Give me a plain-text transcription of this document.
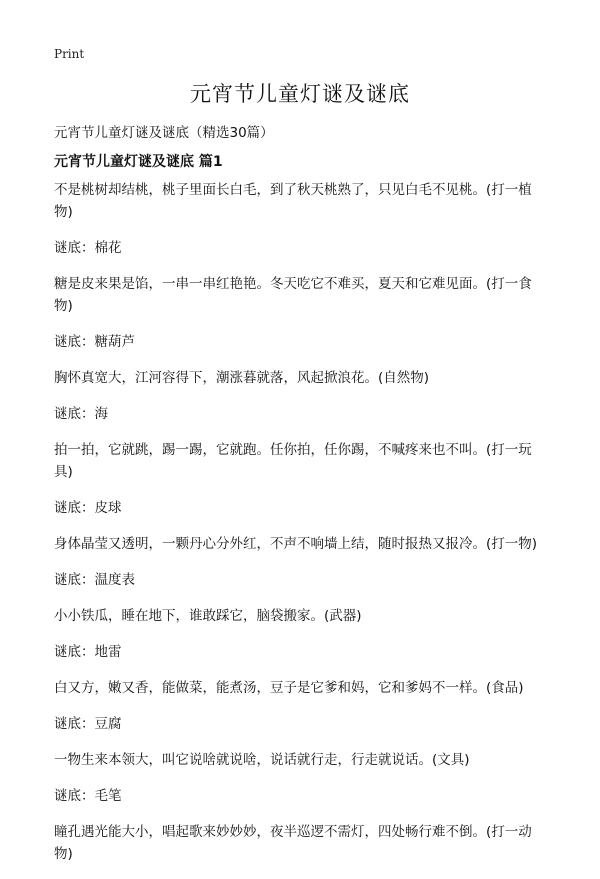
Print
元宵节儿童灯谜及谜底

元宵节儿童灯谜及谜底（精选30篇）

元宵节儿童灯谜及谜底 篇1

不是桃树却结桃，桃子里面长白毛，到了秋天桃熟了，只见白毛不见桃。(打一植物)

谜底：棉花

糖是皮来果是馅，一串一串红艳艳。冬天吃它不难买，夏天和它难见面。(打一食物)

谜底：糖葫芦

胸怀真宽大，江河容得下，潮涨暮就落，风起掀浪花。(自然物)

谜底：海

拍一拍，它就跳，踢一踢，它就跑。任你拍，任你踢，不喊疼来也不叫。(打一玩具)

谜底：皮球

身体晶莹又透明，一颗丹心分外红，不声不响墙上结，随时报热又报冷。(打一物)

谜底：温度表

小小铁瓜，睡在地下，谁敢踩它，脑袋搬家。(武器)

谜底：地雷

白又方，嫩又香，能做菜，能煮汤，豆子是它爹和妈，它和爹妈不一样。(食品)

谜底：豆腐

一物生来本领大，叫它说啥就说啥，说话就行走，行走就说话。(文具)

谜底：毛笔

瞳孔遇光能大小，唱起歌来妙妙妙，夜半巡逻不需灯，四处畅行难不倒。(打一动物)
